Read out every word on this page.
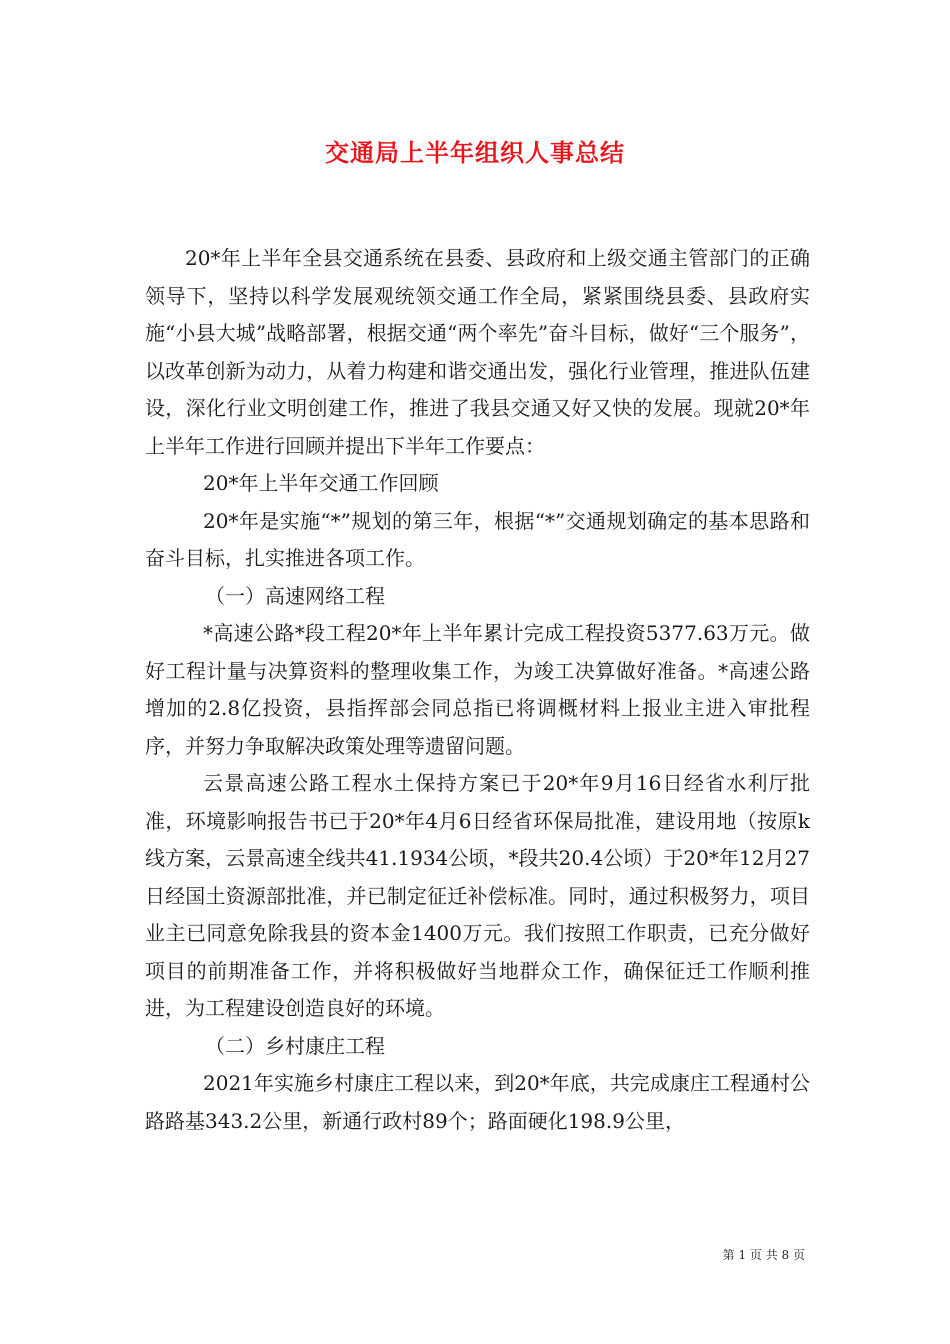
交通局上半年组织人事总结

20*年上半年全县交通系统在县委、县政府和上级交通主管部门的正确领导下，坚持以科学发展观统领交通工作全局，紧紧围绕县委、县政府实施“小县大城”战略部署，根据交通“两个率先”奋斗目标，做好“三个服务”，以改革创新为动力，从着力构建和谐交通出发，强化行业管理，推进队伍建设，深化行业文明创建工作，推进了我县交通又好又快的发展。现就20*年上半年工作进行回顾并提出下半年工作要点：

20*年上半年交通工作回顾

20*年是实施“*”规划的第三年，根据“*”交通规划确定的基本思路和奋斗目标，扎实推进各项工作。

（一）高速网络工程

*高速公路*段工程20*年上半年累计完成工程投资5377.63万元。做好工程计量与决算资料的整理收集工作，为竣工决算做好准备。*高速公路增加的2.8亿投资，县指挥部会同总指已将调概材料上报业主进入审批程序，并努力争取解决政策处理等遗留问题。

云景高速公路工程水土保持方案已于20*年9月16日经省水利厅批准，环境影响报告书已于20*年4月6日经省环保局批准，建设用地（按原k线方案，云景高速全线共41.1934公顷，*段共20.4公顷）于20*年12月27日经国土资源部批准，并已制定征迁补偿标准。同时，通过积极努力，项目业主已同意免除我县的资本金1400万元。我们按照工作职责，已充分做好项目的前期准备工作，并将积极做好当地群众工作，确保征迁工作顺利推进，为工程建设创造良好的环境。

（二）乡村康庄工程

2021年实施乡村康庄工程以来，到20*年底，共完成康庄工程通村公路路基343.2公里，新通行政村89个；路面硬化198.9公里，

第 1 页 共 8 页
